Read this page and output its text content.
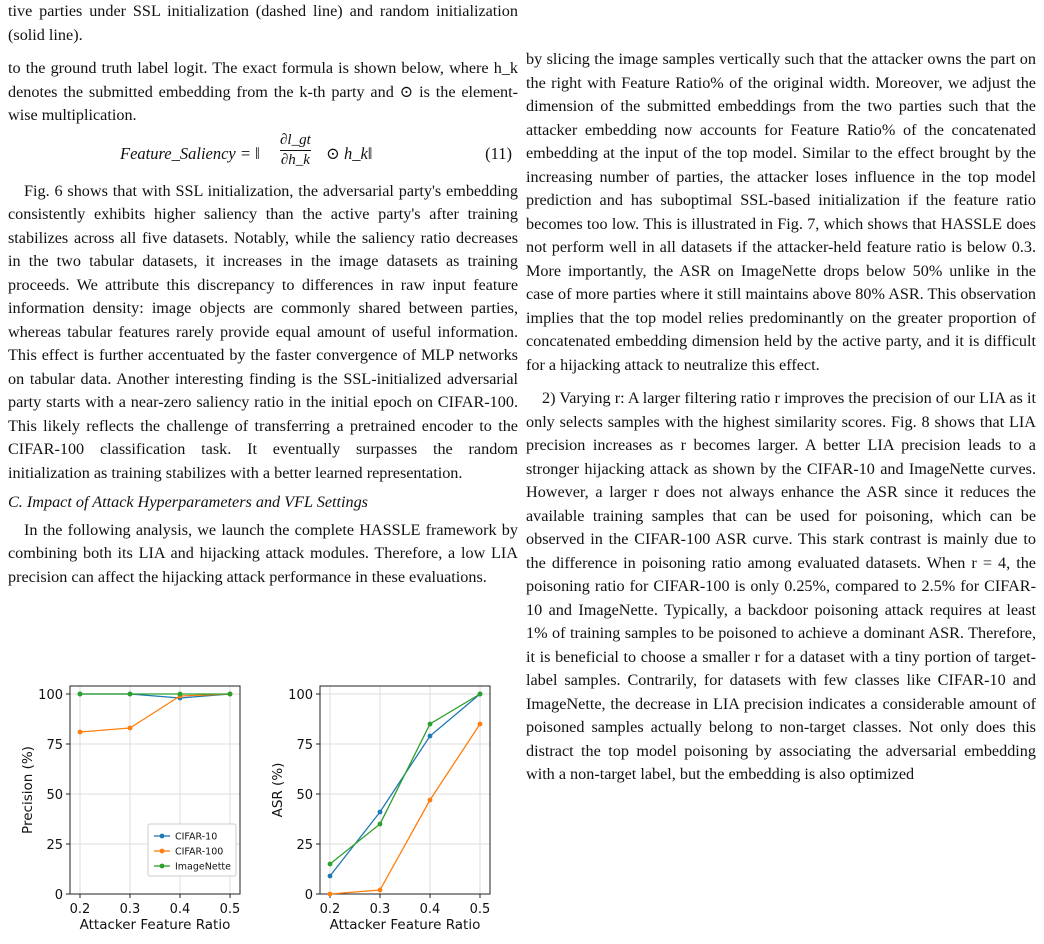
tive parties under SSL initialization (dashed line) and random initialization (solid line).

to the ground truth label logit. The exact formula is shown below, where h_k denotes the submitted embedding from the k-th party and ⊙ is the element-wise multiplication.

Feature_Saliency = ‖
∂l_gt
∂h_k ⊙ h_k‖	(11)

Fig. 6 shows that with SSL initialization, the adversarial party's embedding consistently exhibits higher saliency than the active party's after training stabilizes across all five datasets. Notably, while the saliency ratio decreases in the two tabular datasets, it increases in the image datasets as training proceeds. We attribute this discrepancy to differences in raw input feature information density: image objects are commonly shared between parties, whereas tabular features rarely provide equal amount of useful information. This effect is further accentuated by the faster convergence of MLP networks on tabular data. Another interesting finding is the SSL-initialized adversarial party starts with a near-zero saliency ratio in the initial epoch on CIFAR-100. This likely reflects the challenge of transferring a pretrained encoder to the CIFAR-100 classification task. It eventually surpasses the random initialization as training stabilizes with a better learned representation.

C. Impact of Attack Hyperparameters and VFL Settings

In the following analysis, we launch the complete HASSLE framework by combining both its LIA and hijacking attack modules. Therefore, a low LIA precision can affect the hijacking attack performance in these evaluations.

0
25
50
75
100
0.2 0.3 0.4 0.5
Attacker Feature Ratio
Precision (%)
CIFAR-10
CIFAR-100
ImageNette
0
25
50
75
100
0.2 0.3 0.4 0.5
Attacker Feature Ratio
ASR (%)

by slicing the image samples vertically such that the attacker owns the part on the right with Feature Ratio% of the original width. Moreover, we adjust the dimension of the submitted embeddings from the two parties such that the attacker embedding now accounts for Feature Ratio% of the concatenated embedding at the input of the top model. Similar to the effect brought by the increasing number of parties, the attacker loses influence in the top model prediction and has suboptimal SSL-based initialization if the feature ratio becomes too low. This is illustrated in Fig. 7, which shows that HASSLE does not perform well in all datasets if the attacker-held feature ratio is below 0.3. More importantly, the ASR on ImageNette drops below 50% unlike in the case of more parties where it still maintains above 80% ASR. This observation implies that the top model relies predominantly on the greater proportion of concatenated embedding dimension held by the active party, and it is difficult for a hijacking attack to neutralize this effect.

2) Varying r: A larger filtering ratio r improves the precision of our LIA as it only selects samples with the highest similarity scores. Fig. 8 shows that LIA precision increases as r becomes larger. A better LIA precision leads to a stronger hijacking attack as shown by the CIFAR-10 and ImageNette curves. However, a larger r does not always enhance the ASR since it reduces the available training samples that can be used for poisoning, which can be observed in the CIFAR-100 ASR curve. This stark contrast is mainly due to the difference in poisoning ratio among evaluated datasets. When r = 4, the poisoning ratio for CIFAR-100 is only 0.25%, compared to 2.5% for CIFAR-10 and ImageNette. Typically, a backdoor poisoning attack requires at least 1% of training samples to be poisoned to achieve a dominant ASR. Therefore, it is beneficial to choose a smaller r for a dataset with a tiny portion of target-label samples. Contrarily, for datasets with few classes like CIFAR-10 and ImageNette, the decrease in LIA precision indicates a considerable amount of poisoned samples actually belong to non-target classes. Not only does this distract the top model poisoning by associating the adversarial embedding with a non-target label, but the embedding is also optimized
